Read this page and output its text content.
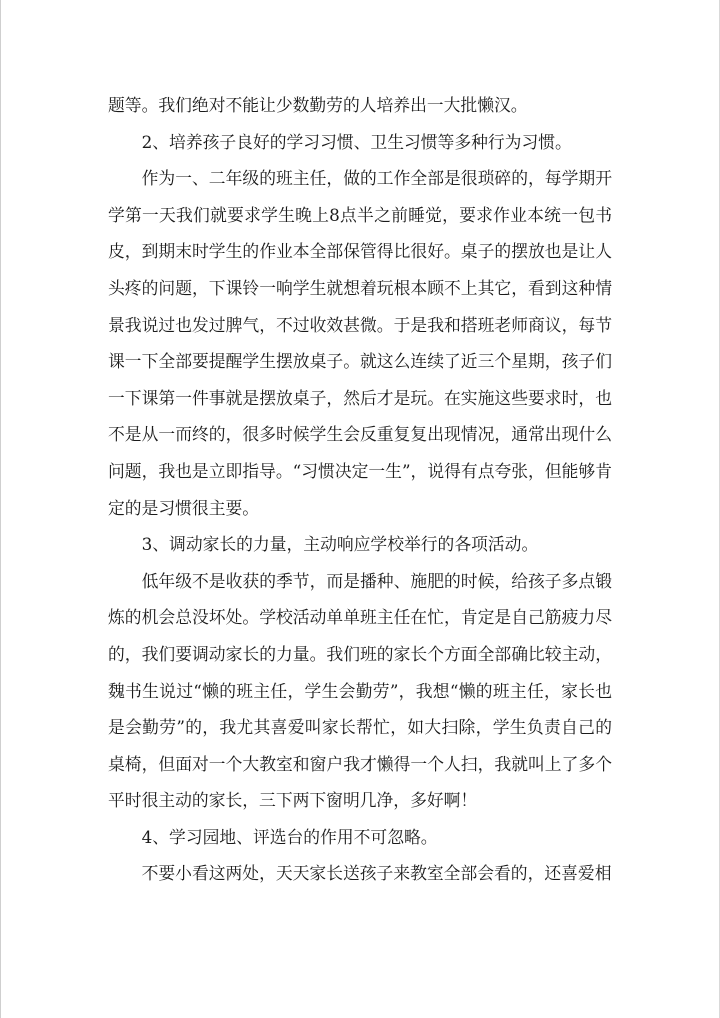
题等。我们绝对不能让少数勤劳的人培养出一大批懒汉。

2、培养孩子良好的学习习惯、卫生习惯等多种行为习惯。

作为一、二年级的班主任，做的工作全部是很琐碎的，每学期开学第一天我们就要求学生晚上8点半之前睡觉，要求作业本统一包书皮，到期末时学生的作业本全部保管得比很好。桌子的摆放也是让人头疼的问题，下课铃一响学生就想着玩根本顾不上其它，看到这种情景我说过也发过脾气，不过收效甚微。于是我和搭班老师商议，每节课一下全部要提醒学生摆放桌子。就这么连续了近三个星期，孩子们一下课第一件事就是摆放桌子，然后才是玩。在实施这些要求时，也不是从一而终的，很多时候学生会反重复复出现情况，通常出现什么问题，我也是立即指导。“习惯决定一生”，说得有点夸张，但能够肯定的是习惯很主要。

3、调动家长的力量，主动响应学校举行的各项活动。

低年级不是收获的季节，而是播种、施肥的时候，给孩子多点锻炼的机会总没坏处。学校活动单单班主任在忙，肯定是自己筋疲力尽的，我们要调动家长的力量。我们班的家长个方面全部确比较主动，魏书生说过“懒的班主任，学生会勤劳”，我想“懒的班主任，家长也是会勤劳”的，我尤其喜爱叫家长帮忙，如大扫除，学生负责自己的桌椅，但面对一个大教室和窗户我才懒得一个人扫，我就叫上了多个平时很主动的家长，三下两下窗明几净，多好啊！

4、学习园地、评选台的作用不可忽略。

不要小看这两处，天天家长送孩子来教室全部会看的，还喜爱相
